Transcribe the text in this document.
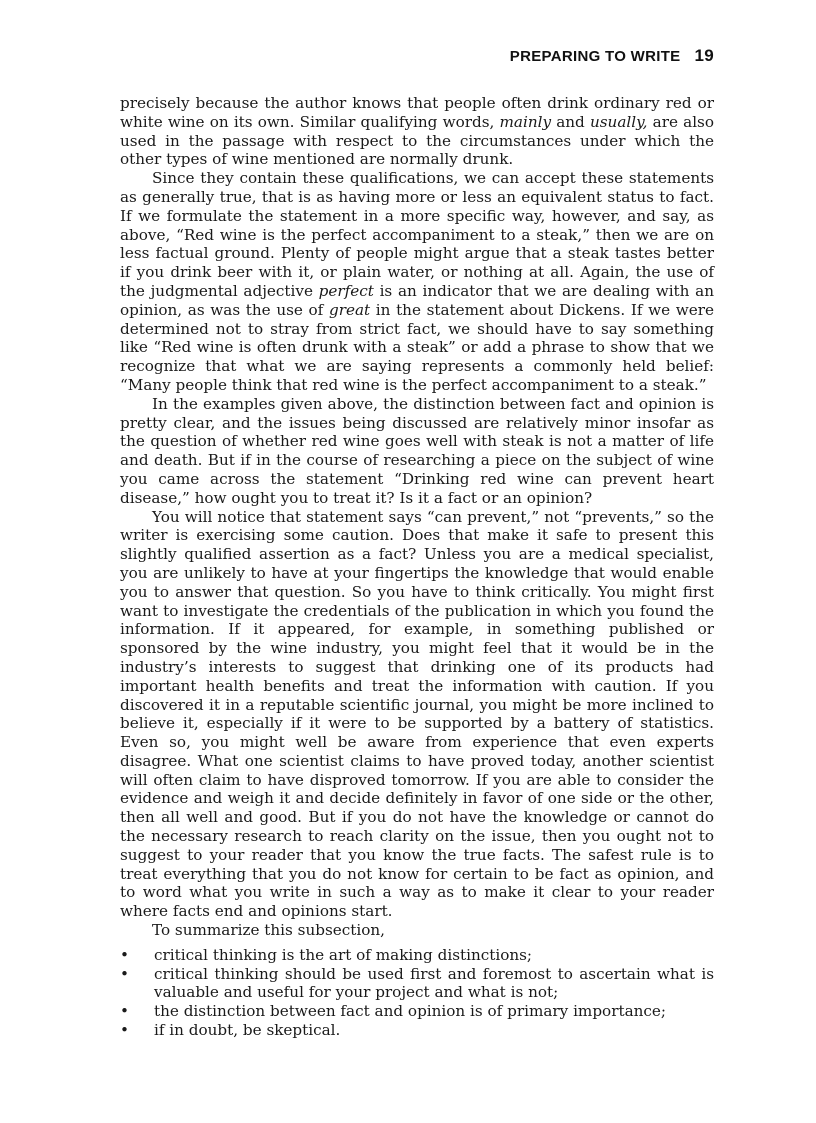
PREPARING TO WRITE 19

precisely because the author knows that people often drink ordinary red or white wine on its own. Similar qualifying words, mainly and usually, are also used in the passage with respect to the circumstances under which the other types of wine mentioned are normally drunk.

Since they contain these qualifications, we can accept these statements as generally true, that is as having more or less an equivalent status to fact. If we formulate the statement in a more specific way, however, and say, as above, “Red wine is the perfect accompaniment to a steak,” then we are on less factual ground. Plenty of people might argue that a steak tastes better if you drink beer with it, or plain water, or nothing at all. Again, the use of the judgmental adjective perfect is an indicator that we are dealing with an opinion, as was the use of great in the statement about Dickens. If we were determined not to stray from strict fact, we should have to say something like “Red wine is often drunk with a steak” or add a phrase to show that we recognize that what we are saying represents a commonly held belief: “Many people think that red wine is the perfect accompaniment to a steak.”

In the examples given above, the distinction between fact and opinion is pretty clear, and the issues being discussed are relatively minor insofar as the question of whether red wine goes well with steak is not a matter of life and death. But if in the course of researching a piece on the subject of wine you came across the statement “Drinking red wine can prevent heart disease,” how ought you to treat it? Is it a fact or an opinion?

You will notice that statement says “can prevent,” not “prevents,” so the writer is exercising some caution. Does that make it safe to present this slightly qualified assertion as a fact? Unless you are a medical specialist, you are unlikely to have at your fingertips the knowledge that would enable you to answer that question. So you have to think critically. You might first want to investigate the credentials of the publication in which you found the information. If it appeared, for example, in something published or sponsored by the wine industry, you might feel that it would be in the industry’s interests to suggest that drinking one of its products had important health benefits and treat the information with caution. If you discovered it in a reputable scientific journal, you might be more inclined to believe it, especially if it were to be supported by a battery of statistics. Even so, you might well be aware from experience that even experts disagree. What one scientist claims to have proved today, another scientist will often claim to have disproved tomorrow. If you are able to consider the evidence and weigh it and decide definitely in favor of one side or the other, then all well and good. But if you do not have the knowledge or cannot do the necessary research to reach clarity on the issue, then you ought not to suggest to your reader that you know the true facts. The safest rule is to treat everything that you do not know for certain to be fact as opinion, and to word what you write in such a way as to make it clear to your reader where facts end and opinions start.

To summarize this subsection,

• critical thinking is the art of making distinctions;
• critical thinking should be used first and foremost to ascertain what is valuable and useful for your project and what is not;
• the distinction between fact and opinion is of primary importance;
• if in doubt, be skeptical.
